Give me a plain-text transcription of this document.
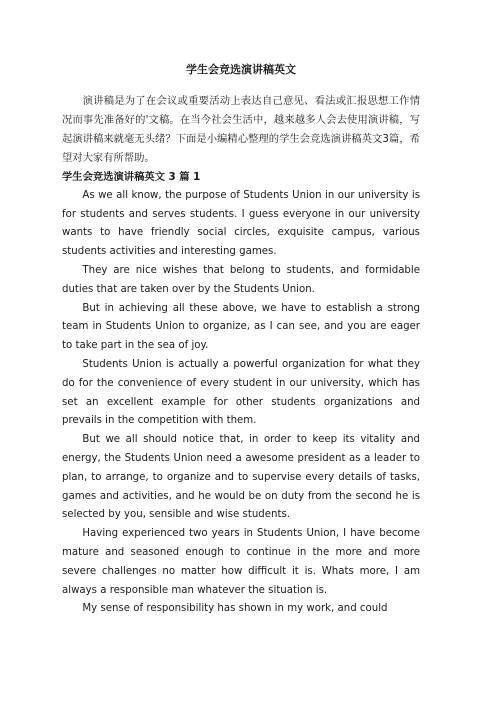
学生会竞选演讲稿英文

演讲稿是为了在会议或重要活动上表达自己意见、看法或汇报思想工作情况而事先准备好的'文稿。在当今社会生活中，越来越多人会去使用演讲稿，写起演讲稿来就毫无头绪？下面是小编精心整理的学生会竞选演讲稿英文3篇，希望对大家有所帮助。

学生会竞选演讲稿英文 3 篇 1

As we all know, the purpose of Students Union in our university is for students and serves students. I guess everyone in our university wants to have friendly social circles, exquisite campus, various students activities and interesting games.

They are nice wishes that belong to students, and formidable duties that are taken over by the Students Union.

But in achieving all these above, we have to establish a strong team in Students Union to organize, as I can see, and you are eager to take part in the sea of joy.

Students Union is actually a powerful organization for what they do for the convenience of every student in our university, which has set an excellent example for other students organizations and prevails in the competition with them.

But we all should notice that, in order to keep its vitality and energy, the Students Union need a awesome president as a leader to plan, to arrange, to organize and to supervise every details of tasks, games and activities, and he would be on duty from the second he is selected by you, sensible and wise students.

Having experienced two years in Students Union, I have become mature and seasoned enough to continue in the more and more severe challenges no matter how difficult it is. Whats more, I am always a responsible man whatever the situation is.

My sense of responsibility has shown in my work, and could
